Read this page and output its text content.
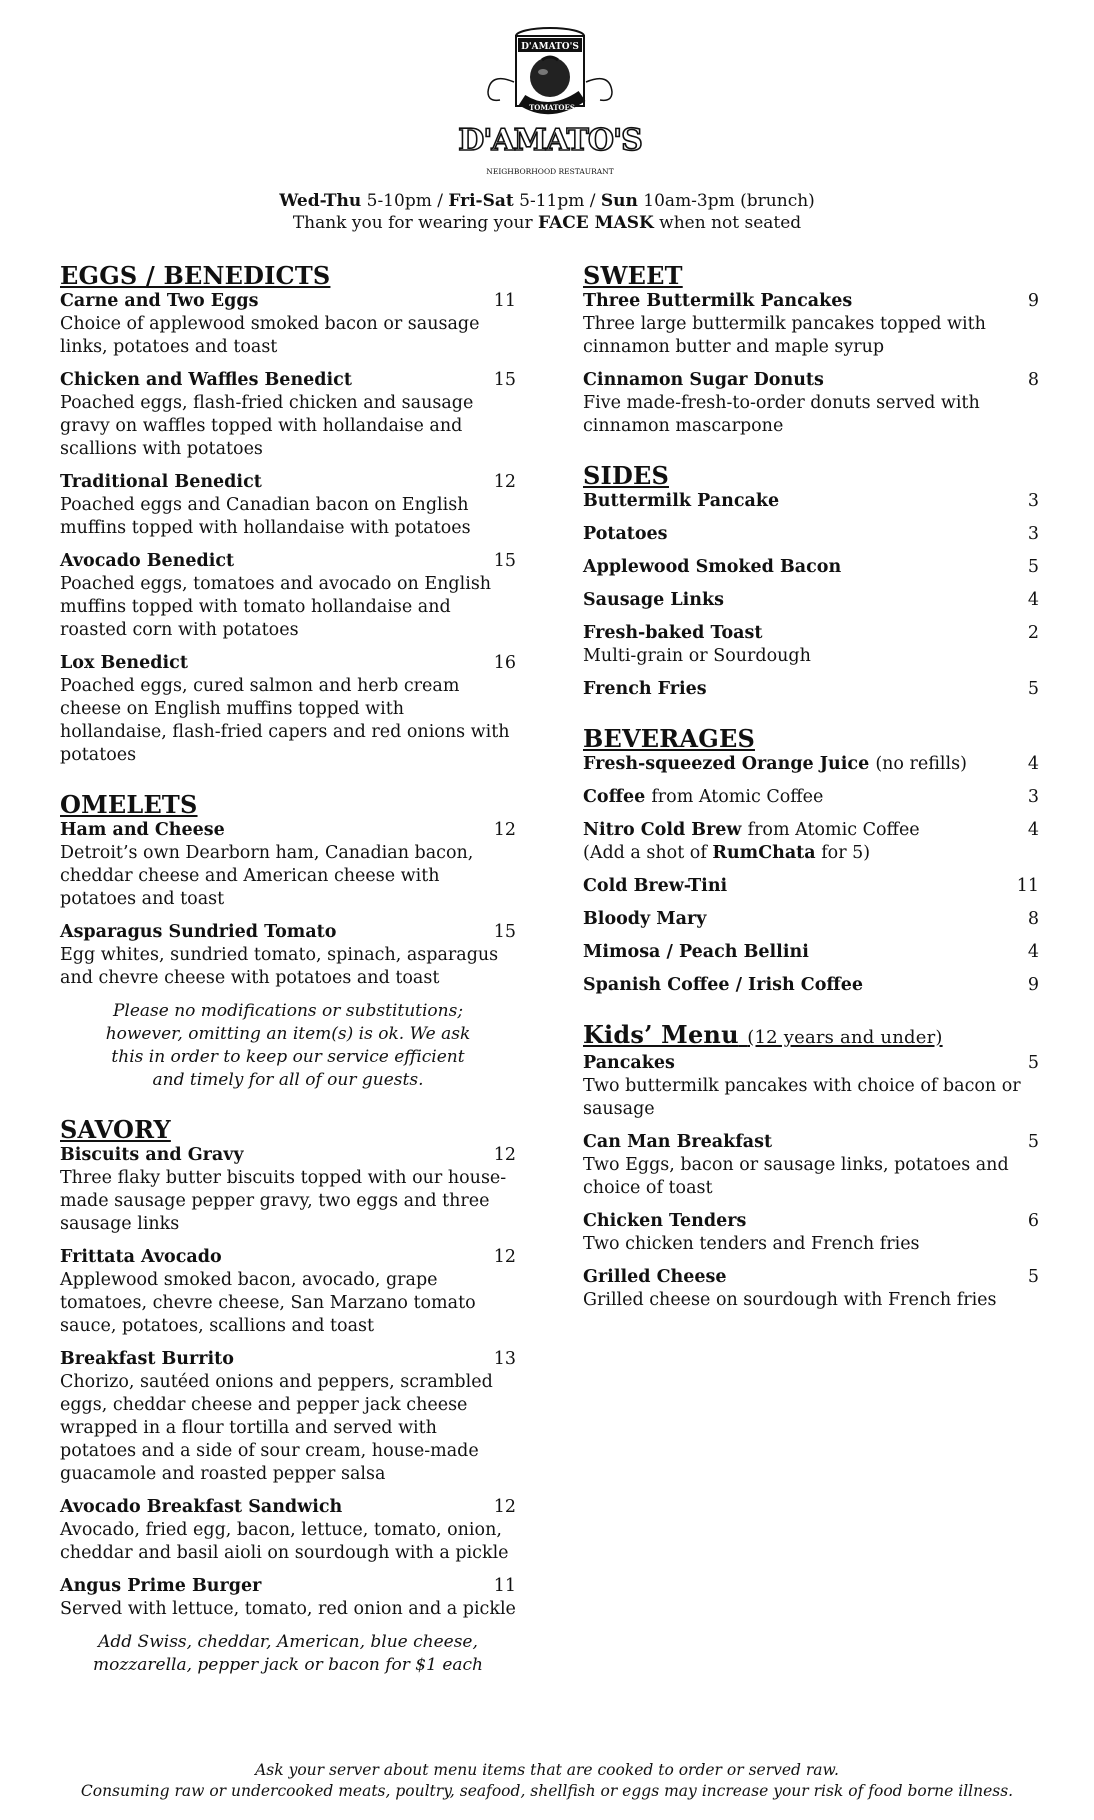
D'AMATO'S
TOMATOES
D'AMATO'S
NEIGHBORHOOD RESTAURANT
Wed-Thu 5-10pm / Fri-Sat 5-11pm / Sun 10am-3pm (brunch)
Thank you for wearing your FACE MASK when not seated
EGGS / BENEDICTS
Carne and Two Eggs	11
Choice of applewood smoked bacon or sausage links, potatoes and toast
Chicken and Waffles Benedict	15
Poached eggs, flash-fried chicken and sausage gravy on waffles topped with hollandaise and scallions with potatoes
Traditional Benedict	12
Poached eggs and Canadian bacon on English muffins topped with hollandaise with potatoes
Avocado Benedict	15
Poached eggs, tomatoes and avocado on English muffins topped with tomato hollandaise and roasted corn with potatoes
Lox Benedict	16
Poached eggs, cured salmon and herb cream cheese on English muffins topped with hollandaise, flash-fried capers and red onions with potatoes
OMELETS
Ham and Cheese	12
Detroit’s own Dearborn ham, Canadian bacon, cheddar cheese and American cheese with potatoes and toast
Asparagus Sundried Tomato	15
Egg whites, sundried tomato, spinach, asparagus and chevre cheese with potatoes and toast
Please no modifications or substitutions;
however, omitting an item(s) is ok. We ask
this in order to keep our service efficient
and timely for all of our guests.
SAVORY
Biscuits and Gravy	12
Three flaky butter biscuits topped with our house-made sausage pepper gravy, two eggs and three sausage links
Frittata Avocado	12
Applewood smoked bacon, avocado, grape tomatoes, chevre cheese, San Marzano tomato sauce, potatoes, scallions and toast
Breakfast Burrito	13
Chorizo, sautéed onions and peppers, scrambled eggs, cheddar cheese and pepper jack cheese wrapped in a flour tortilla and served with potatoes and a side of sour cream, house-made guacamole and roasted pepper salsa
Avocado Breakfast Sandwich	12
Avocado, fried egg, bacon, lettuce, tomato, onion, cheddar and basil aioli on sourdough with a pickle
Angus Prime Burger	11
Served with lettuce, tomato, red onion and a pickle
Add Swiss, cheddar, American, blue cheese,
mozzarella, pepper jack or bacon for $1 each
SWEET
Three Buttermilk Pancakes	9
Three large buttermilk pancakes topped with cinnamon butter and maple syrup
Cinnamon Sugar Donuts	8
Five made-fresh-to-order donuts served with cinnamon mascarpone
SIDES
Buttermilk Pancake	3
Potatoes	3
Applewood Smoked Bacon	5
Sausage Links	4
Fresh-baked Toast	2
Multi-grain or Sourdough
French Fries	5
BEVERAGES
Fresh-squeezed Orange Juice (no refills)	4
Coffee from Atomic Coffee	3
Nitro Cold Brew from Atomic Coffee	4
(Add a shot of RumChata for 5)
Cold Brew-Tini	11
Bloody Mary	8
Mimosa / Peach Bellini	4
Spanish Coffee / Irish Coffee	9
Kids’ Menu (12 years and under)
Pancakes	5
Two buttermilk pancakes with choice of bacon or sausage
Can Man Breakfast	5
Two Eggs, bacon or sausage links, potatoes and choice of toast
Chicken Tenders	6
Two chicken tenders and French fries
Grilled Cheese	5
Grilled cheese on sourdough with French fries
Ask your server about menu items that are cooked to order or served raw.
Consuming raw or undercooked meats, poultry, seafood, shellfish or eggs may increase your risk of food borne illness.
